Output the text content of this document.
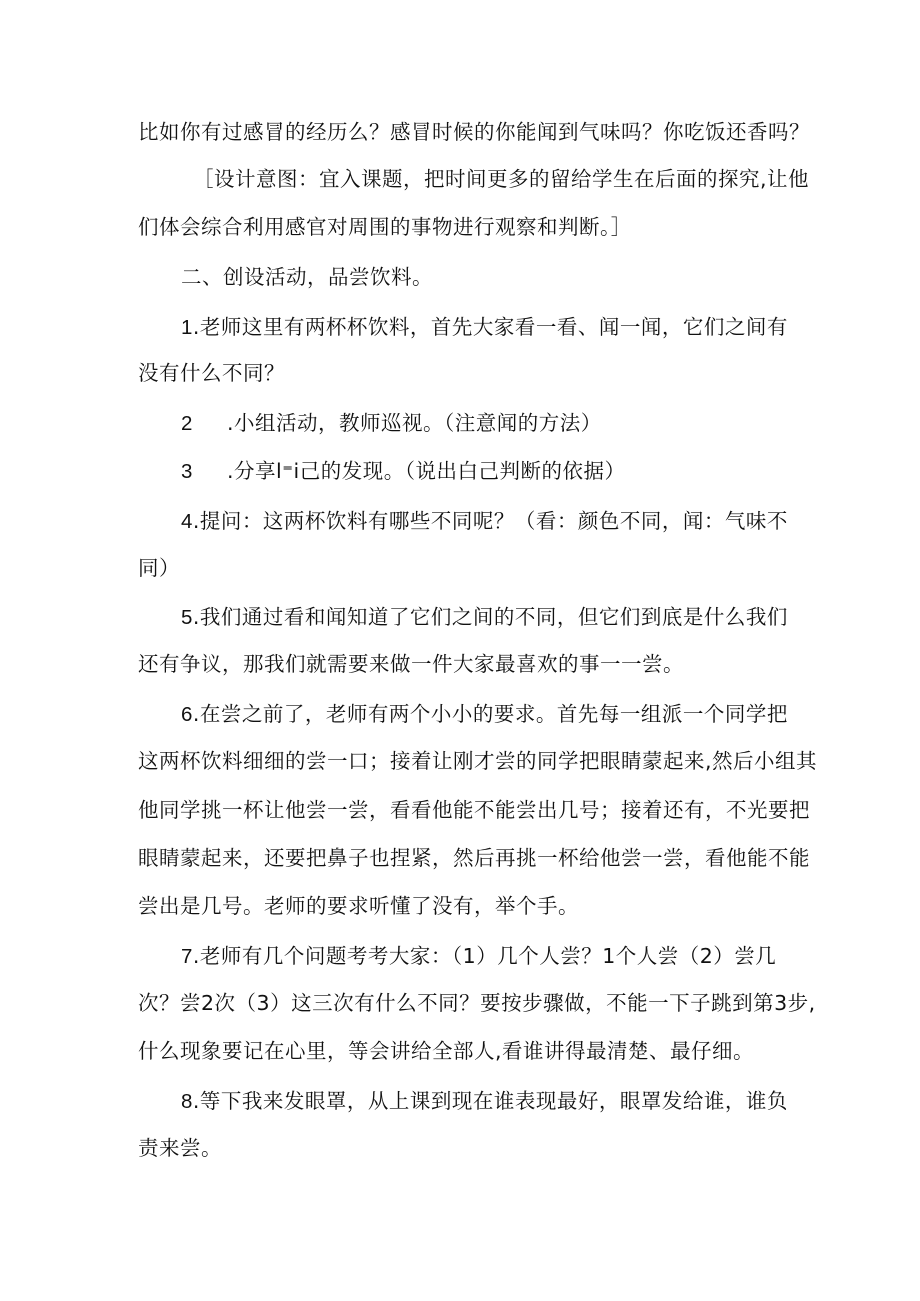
比如你有过感冒的经历么？感冒时候的你能闻到气味吗？你吃饭还香吗？
［设计意图：宜入课题，把时间更多的留给学生在后面的探究,让他
们体会综合利用感官对周围的事物进行观察和判断。］
二、创设活动，品尝饮料。
1.老师这里有两杯杯饮料，首先大家看一看、闻一闻，它们之间有
没有什么不同？
2 .小组活动，教师巡视。（注意闻的方法）
3 .分享l⁼i己的发现。（说出白己判断的依据）
4.提问：这两杯饮料有哪些不同呢？（看：颜色不同，闻：气味不
同）
5.我们通过看和闻知道了它们之间的不同，但它们到底是什么我们
还有争议，那我们就需要来做一件大家最喜欢的事一一尝。
6.在尝之前了，老师有两个小小的要求。首先每一组派一个同学把
这两杯饮料细细的尝一口；接着让刚才尝的同学把眼睛蒙起来,然后小组其
他同学挑一杯让他尝一尝，看看他能不能尝出几号；接着还有，不光要把
眼睛蒙起来，还要把鼻子也捏紧，然后再挑一杯给他尝一尝，看他能不能
尝出是几号。老师的要求听懂了没有，举个手。
7.老师有几个问题考考大家：（1）几个人尝？1个人尝（2）尝几
次？尝2次（3）这三次有什么不同？要按步骤做，不能一下子跳到第3步,
什么现象要记在心里，等会讲给全部人,看谁讲得最清楚、最仔细。
8.等下我来发眼罩，从上课到现在谁表现最好，眼罩发给谁，谁负
责来尝。
